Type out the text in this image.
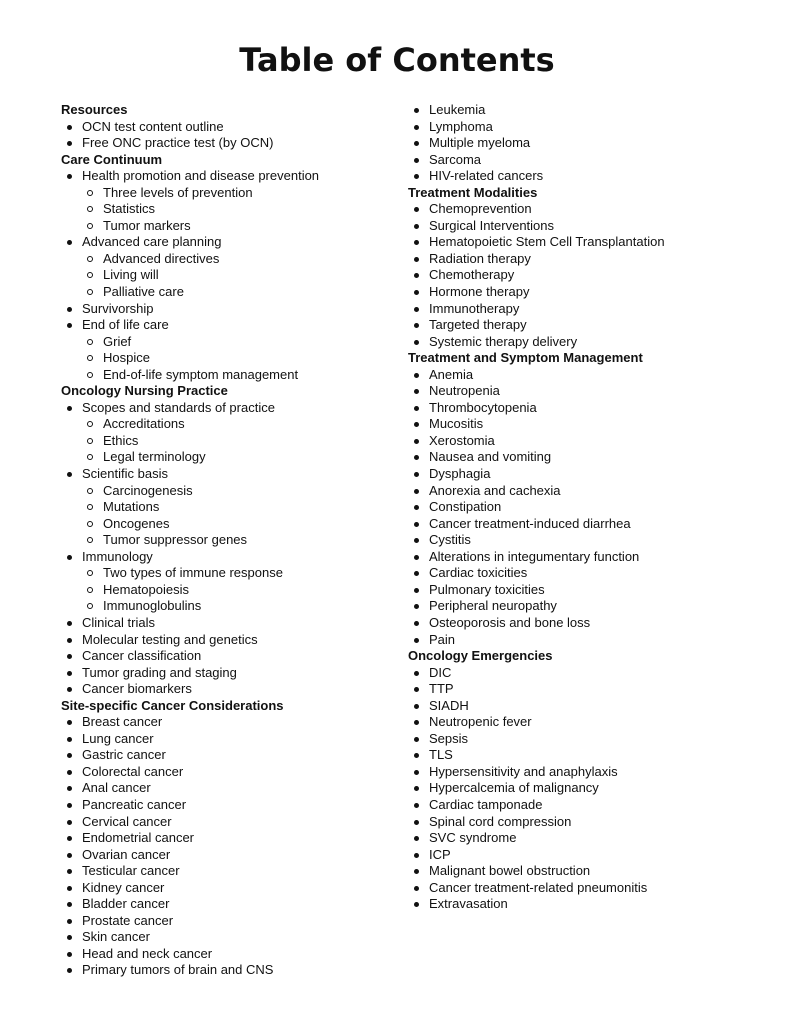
Table of Contents
Resources
OCN test content outline
Free ONC practice test (by OCN)
Care Continuum
Health promotion and disease prevention
Three levels of prevention
Statistics
Tumor markers
Advanced care planning
Advanced directives
Living will
Palliative care
Survivorship
End of life care
Grief
Hospice
End-of-life symptom management
Oncology Nursing Practice
Scopes and standards of practice
Accreditations
Ethics
Legal terminology
Scientific basis
Carcinogenesis
Mutations
Oncogenes
Tumor suppressor genes
Immunology
Two types of immune response
Hematopoiesis
Immunoglobulins
Clinical trials
Molecular testing and genetics
Cancer classification
Tumor grading and staging
Cancer biomarkers
Site-specific Cancer Considerations
Breast cancer
Lung cancer
Gastric cancer
Colorectal cancer
Anal cancer
Pancreatic cancer
Cervical cancer
Endometrial cancer
Ovarian cancer
Testicular cancer
Kidney cancer
Bladder cancer
Prostate cancer
Skin cancer
Head and neck cancer
Primary tumors of brain and CNS
Leukemia
Lymphoma
Multiple myeloma
Sarcoma
HIV-related cancers
Treatment Modalities
Chemoprevention
Surgical Interventions
Hematopoietic Stem Cell Transplantation
Radiation therapy
Chemotherapy
Hormone therapy
Immunotherapy
Targeted therapy
Systemic therapy delivery
Treatment and Symptom Management
Anemia
Neutropenia
Thrombocytopenia
Mucositis
Xerostomia
Nausea and vomiting
Dysphagia
Anorexia and cachexia
Constipation
Cancer treatment-induced diarrhea
Cystitis
Alterations in integumentary function
Cardiac toxicities
Pulmonary toxicities
Peripheral neuropathy
Osteoporosis and bone loss
Pain
Oncology Emergencies
DIC
TTP
SIADH
Neutropenic fever
Sepsis
TLS
Hypersensitivity and anaphylaxis
Hypercalcemia of malignancy
Cardiac tamponade
Spinal cord compression
SVC syndrome
ICP
Malignant bowel obstruction
Cancer treatment-related pneumonitis
Extravasation
